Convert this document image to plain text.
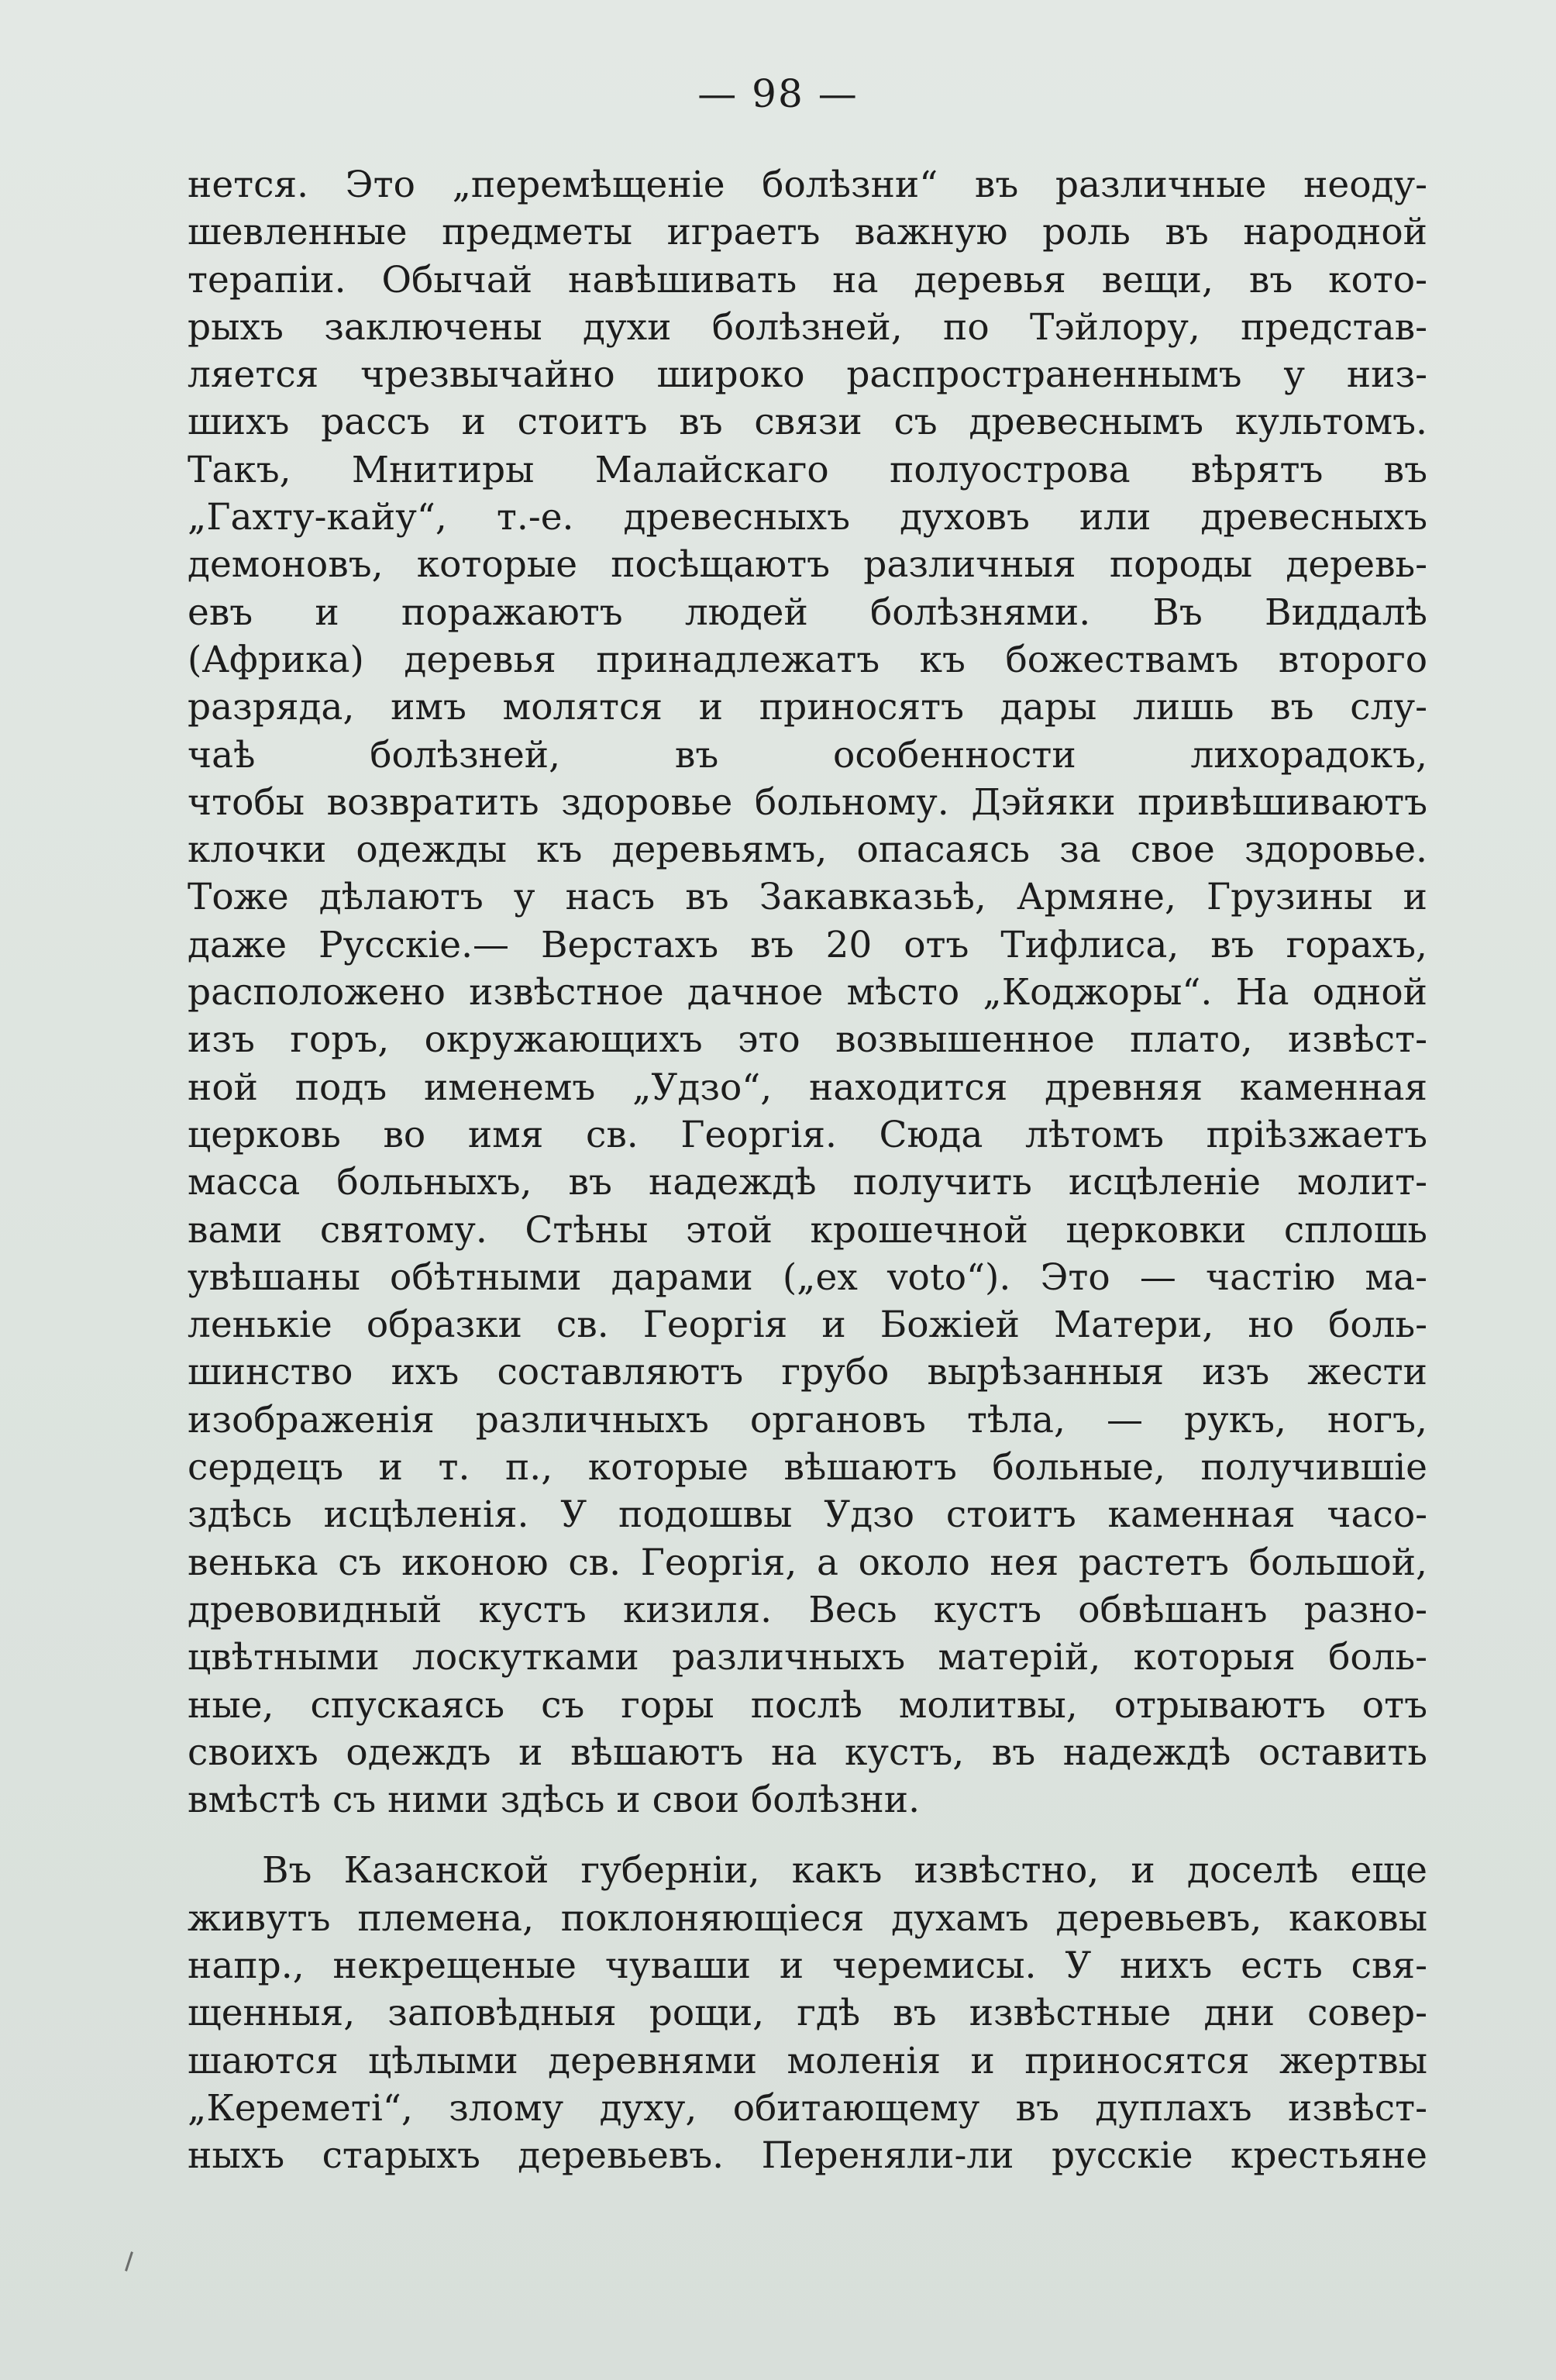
— 98 —
нется. Это „перемѣщеніе болѣзни“ въ различные неоду-
шевленные предметы играетъ важную роль въ народной
терапіи. Обычай навѣшивать на деревья вещи, въ кото-
рыхъ заключены духи болѣзней, по Тэйлору, представ-
ляется чрезвычайно широко распространеннымъ у низ-
шихъ рассъ и стоитъ въ связи съ древеснымъ культомъ.
Такъ, Мнитиры Малайскаго полуострова вѣрятъ въ
„Гахту-кайу“, т.-е. древесныхъ духовъ или древесныхъ
демоновъ, которые посѣщаютъ различныя породы деревь-
евъ и поражаютъ людей болѣзнями. Въ Виддалѣ
(Африка) деревья принадлежатъ къ божествамъ второго
разряда, имъ молятся и приносятъ дары лишь въ слу-
чаѣ болѣзней, въ особенности лихорадокъ,
чтобы возвратить здоровье больному. Дэйяки привѣшиваютъ
клочки одежды къ деревьямъ, опасаясь за свое здоровье.
Тоже дѣлаютъ у насъ въ Закавказьѣ, Армяне, Грузины и
даже Русскіе.— Верстахъ въ 20 отъ Тифлиса, въ горахъ,
расположено извѣстное дачное мѣсто „Коджоры“. На одной
изъ горъ, окружающихъ это возвышенное плато, извѣст-
ной подъ именемъ „Удзо“, находится древняя каменная
церковь во имя св. Георгія. Сюда лѣтомъ пріѣзжаетъ
масса больныхъ, въ надеждѣ получить исцѣленіе молит-
вами святому. Стѣны этой крошечной церковки сплошь
увѣшаны обѣтными дарами („ex voto“). Это — частію ма-
ленькіе образки св. Георгія и Божіей Матери, но боль-
шинство ихъ составляютъ грубо вырѣзанныя изъ жести
изображенія различныхъ органовъ тѣла, — рукъ, ногъ,
сердецъ и т. п., которые вѣшаютъ больные, получившіе
здѣсь исцѣленія. У подошвы Удзо стоитъ каменная часо-
венька съ иконою св. Георгія, а около нея растетъ большой,
древовидный кустъ кизиля. Весь кустъ обвѣшанъ разно-
цвѣтными лоскутками различныхъ матерій, которыя боль-
ные, спускаясь съ горы послѣ молитвы, отрываютъ отъ
своихъ одеждъ и вѣшаютъ на кустъ, въ надеждѣ оставить
вмѣстѣ съ ними здѣсь и свои болѣзни.
Въ Казанской губерніи, какъ извѣстно, и доселѣ еще
живутъ племена, поклоняющіеся духамъ деревьевъ, каковы
напр., некрещеные чуваши и черемисы. У нихъ есть свя-
щенныя, заповѣдныя рощи, гдѣ въ извѣстные дни совер-
шаются цѣлыми деревнями моленія и приносятся жертвы
„Кереметі“, злому духу, обитающему въ дуплахъ извѣст-
ныхъ старыхъ деревьевъ. Переняли-ли русскіе крестьяне
